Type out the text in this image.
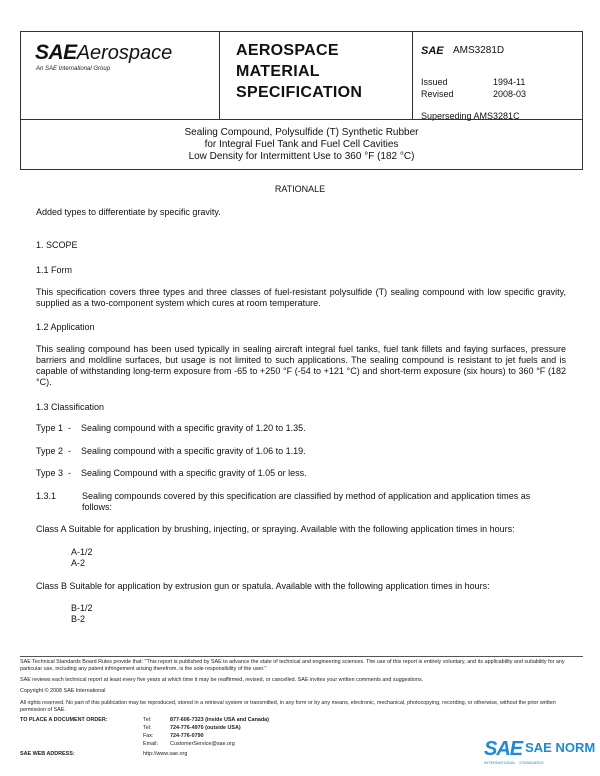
SAEAerospace
An SAE International Group
AEROSPACE
MATERIAL
SPECIFICATION
SAE AMS3281D
Issued	1994-11
Revised	2008-03
Superseding AMS3281C
Sealing Compound, Polysulfide (T) Synthetic Rubber
for Integral Fuel Tank and Fuel Cell Cavities
Low Density for Intermittent Use to 360 °F (182 °C)
RATIONALE
Added types to differentiate by specific gravity.
1. SCOPE
1.1 Form
This specification covers three types and three classes of fuel-resistant polysulfide (T) sealing compound with low specific gravity, supplied as a two-component system which cures at room temperature.
1.2 Application
This sealing compound has been used typically in sealing aircraft integral fuel tanks, fuel tank fillets and faying surfaces, pressure barriers and moldline surfaces, but usage is not limited to such applications. The sealing compound is resistant to jet fuels and is capable of withstanding long-term exposure from -65 to +250 °F (-54 to +121 °C) and short-term exposure (six hours) to 360 °F (182 °C).
1.3 Classification
Type 1  -    Sealing compound with a specific gravity of 1.20 to 1.35.
Type 2  -    Sealing compound with a specific gravity of 1.06 to 1.19.
Type 3  -    Sealing Compound with a specific gravity of 1.05 or less.
1.3.1	Sealing compounds covered by this specification are classified by method of application and application times as
follows:
Class A Suitable for application by brushing, injecting, or spraying. Available with the following application times in hours:
A-1/2
A-2
Class B Suitable for application by extrusion gun or spatula. Available with the following application times in hours:
B-1/2
B-2
SAE Technical Standards Board Rules provide that: "This report is published by SAE to advance the state of technical and engineering sciences. The use of this report is entirely voluntary, and its applicability and suitability for any particular use, including any patent infringement arising therefrom, is the sole responsibility of the user."
SAE reviews each technical report at least every five years at which time it may be reaffirmed, revised, or cancelled. SAE invites your written comments and suggestions.
Copyright © 2008 SAE International
All rights reserved. No part of this publication may be reproduced, stored in a retrieval system or transmitted, in any form or by any means, electronic, mechanical, photocopying, recording, or otherwise, without the prior written permission of SAE.
TO PLACE A DOCUMENT ORDER:	Tel:	877-606-7323 (inside USA and Canada)
Tel:	724-776-4970 (outside USA)
Fax:	724-776-0790
Email: CustomerService@sae.org
SAE WEB ADDRESS:	http://www.sae.org	SAE SAE NORM
INTERNATIONAL · STANDARDS
